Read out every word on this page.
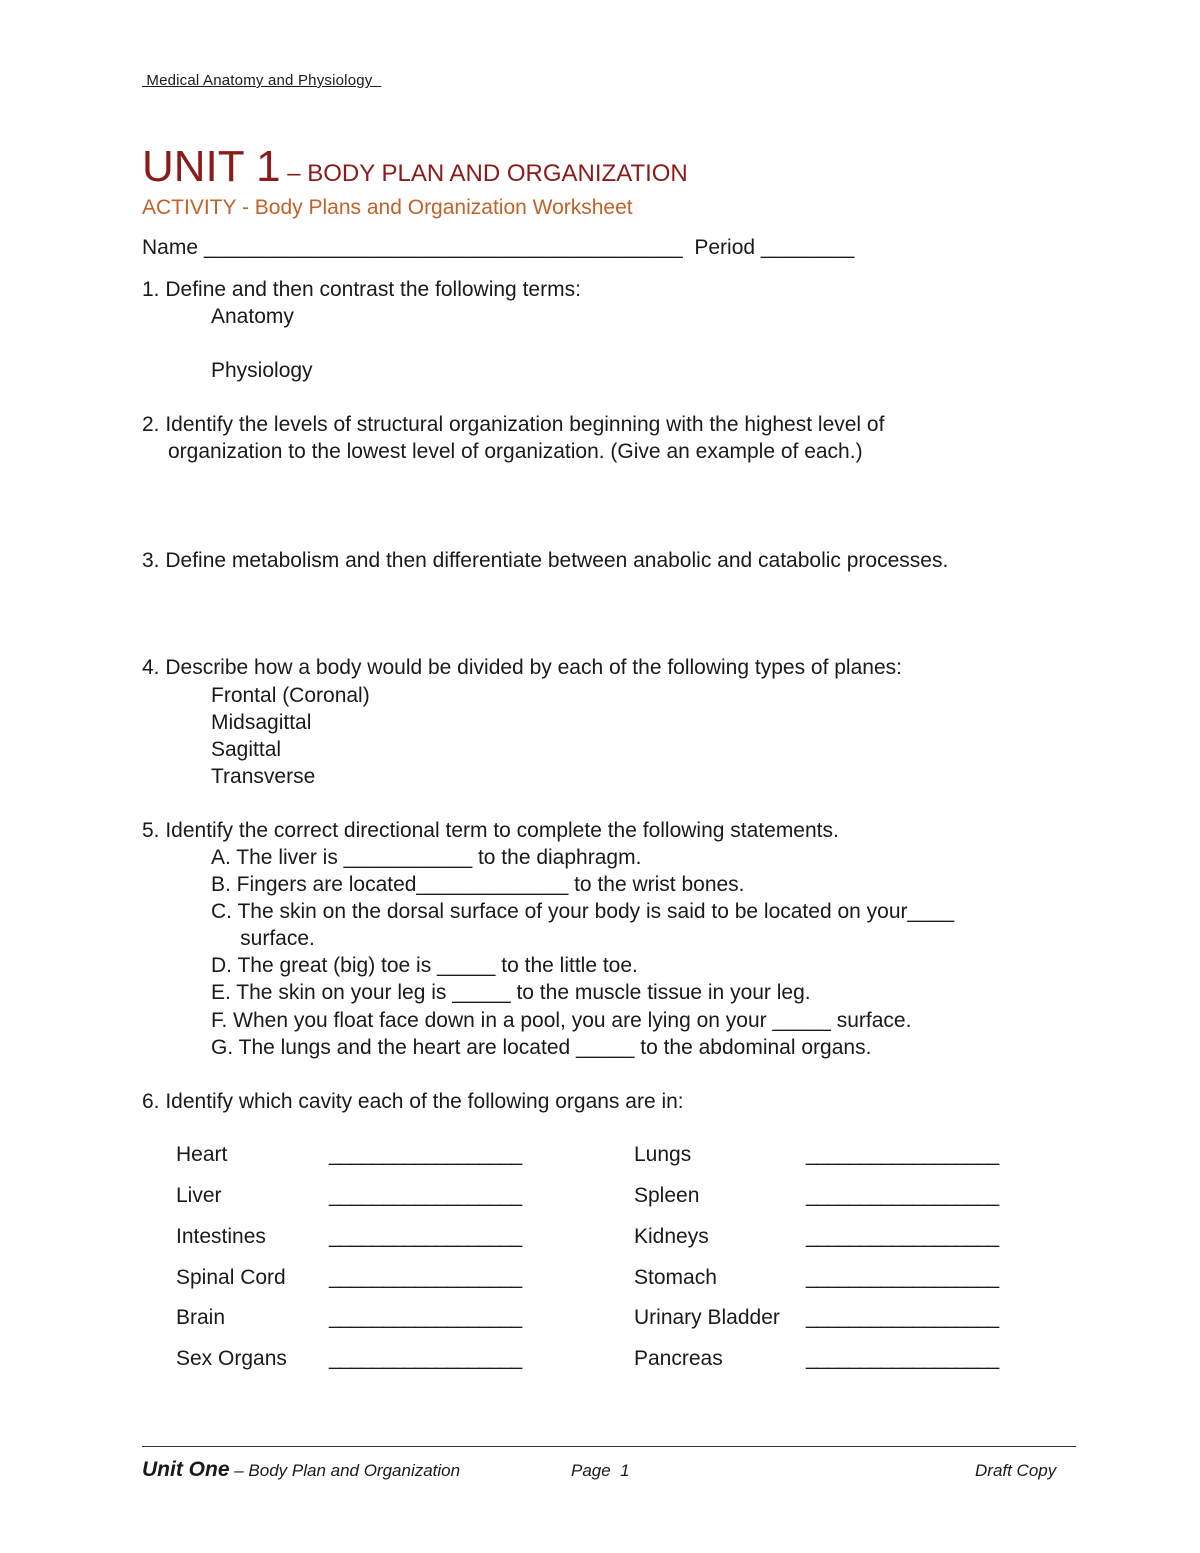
Medical Anatomy and Physiology
UNIT 1 – BODY PLAN AND ORGANIZATION
ACTIVITY - Body Plans and Organization Worksheet
Name _________________________________________  Period ________
1. Define and then contrast the following terms:
Anatomy
Physiology
2. Identify the levels of structural organization beginning with the highest level of
organization to the lowest level of organization. (Give an example of each.)
3. Define metabolism and then differentiate between anabolic and catabolic processes.
4. Describe how a body would be divided by each of the following types of planes:
Frontal (Coronal)
Midsagittal
Sagittal
Transverse
5. Identify the correct directional term to complete the following statements.
A. The liver is ___________ to the diaphragm.
B. Fingers are located_____________ to the wrist bones.
C. The skin on the dorsal surface of your body is said to be located on your____
surface.
D. The great (big) toe is _____ to the little toe.
E. The skin on your leg is _____ to the muscle tissue in your leg.
F. When you float face down in a pool, you are lying on your _____ surface.
G. The lungs and the heart are located _____ to the abdominal organs.
6. Identify which cavity each of the following organs are in:
Heart	__________________
Liver	__________________
Intestines	__________________
Spinal Cord __________________
Brain	__________________
Sex Organs __________________
Lungs	__________________
Spleen	__________________
Kidneys	__________________
Stomach	__________________
Urinary Bladder __________________
Pancreas	__________________
Unit One – Body Plan and Organization	Page  1	Draft Copy
